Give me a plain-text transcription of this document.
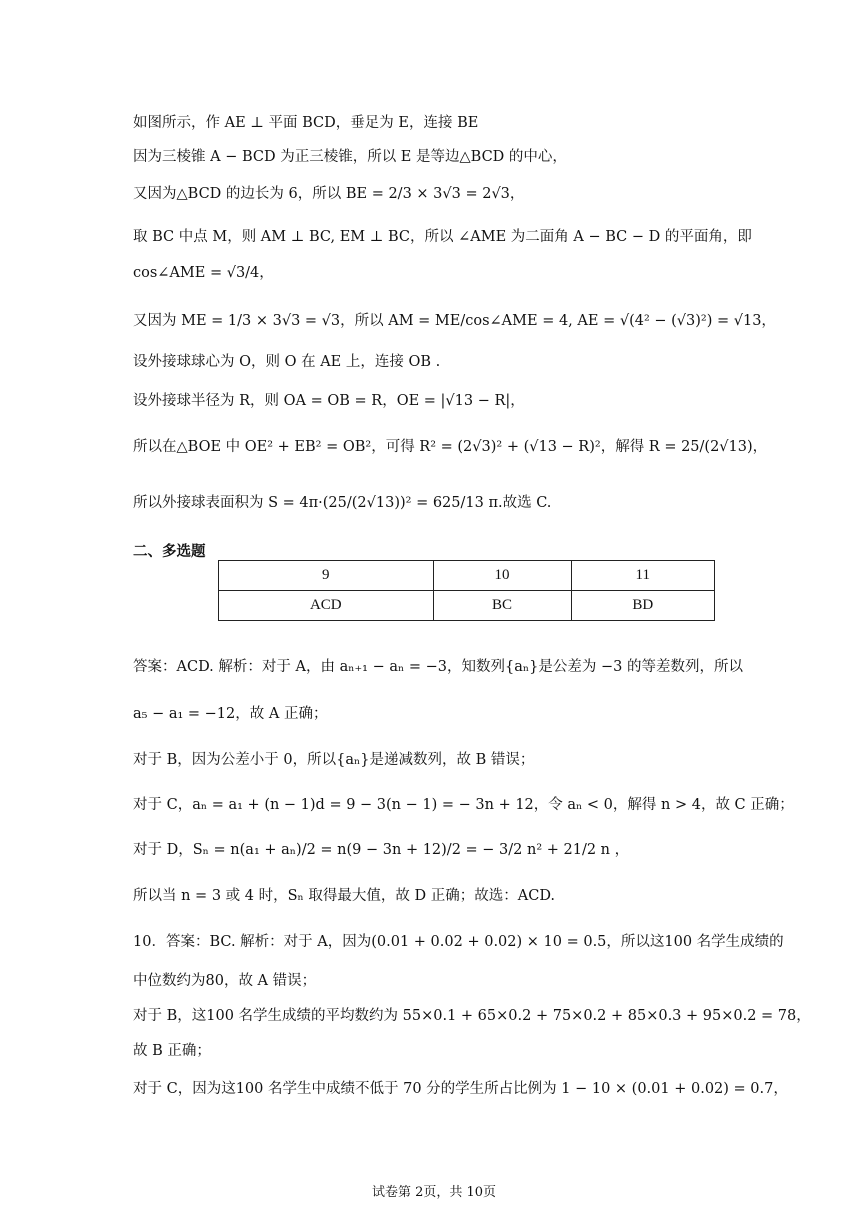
如图所示，作 AE ⊥ 平面 BCD，垂足为 E，连接 BE
因为三棱锥 A − BCD 为正三棱锥，所以 E 是等边△BCD 的中心，
又因为△BCD 的边长为 6，所以 BE = 2/3 × 3√3 = 2√3，
取 BC 中点 M，则 AM ⊥ BC, EM ⊥ BC，所以 ∠AME 为二面角 A − BC − D 的平面角，即
cos∠AME = √3/4，
又因为 ME = 1/3 × 3√3 = √3，所以 AM = ME/cos∠AME = 4, AE = √(4² − (√3)²) = √13，
设外接球球心为 O，则 O 在 AE 上，连接 OB .
设外接球半径为 R，则 OA = OB = R，OE = |√13 − R|，
所以在△BOE 中 OE² + EB² = OB²，可得 R² = (2√3)² + (√13 − R)²，解得 R = 25/(2√13)，
所以外接球表面积为 S = 4π·(25/(2√13))² = 625/13 π.故选 C.
二、多选题
9	10	11
ACD	BC	BD
答案：ACD. 解析：对于 A，由 aₙ₊₁ − aₙ = −3，知数列{aₙ}是公差为 −3 的等差数列，所以
a₅ − a₁ = −12，故 A 正确；
对于 B，因为公差小于 0，所以{aₙ}是递减数列，故 B 错误；
对于 C，aₙ = a₁ + (n − 1)d = 9 − 3(n − 1) = − 3n + 12，令 aₙ < 0，解得 n > 4，故 C 正确；
对于 D，Sₙ = n(a₁ + aₙ)/2 = n(9 − 3n + 12)/2 = − 3/2 n² + 21/2 n ，
所以当 n = 3 或 4 时，Sₙ 取得最大值，故 D 正确；故选：ACD.
10．答案：BC. 解析：对于 A，因为(0.01 + 0.02 + 0.02) × 10 = 0.5，所以这100 名学生成绩的
中位数约为80，故 A 错误；
对于 B，这100 名学生成绩的平均数约为 55×0.1 + 65×0.2 + 75×0.2 + 85×0.3 + 95×0.2 = 78，
故 B 正确；
对于 C，因为这100 名学生中成绩不低于 70 分的学生所占比例为 1 − 10 × (0.01 + 0.02) = 0.7，
试卷第 2页，共 10页
